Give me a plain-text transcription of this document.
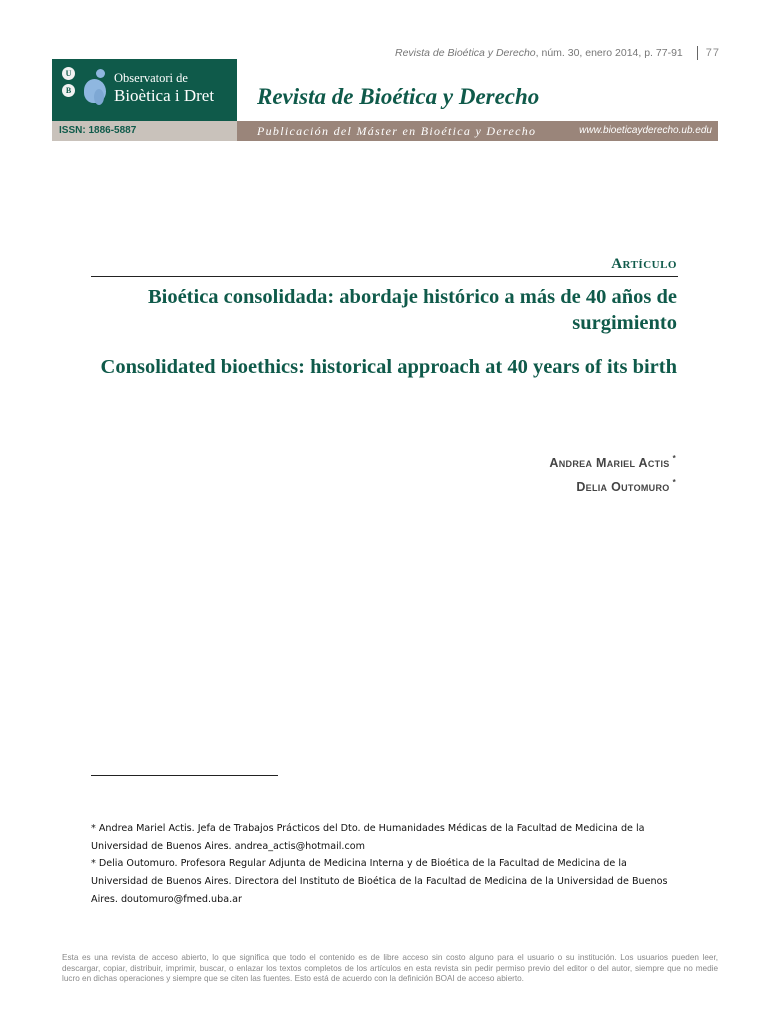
Revista de Bioética y Derecho , núm. 30, enero 2014, p. 77-91 77
U
B
Observatori de
Bioètica i Dret Revista de Bioética y Derecho
ISSN: 1886-5887	Publicación del Máster en Bioética y Derecho	www.bioeticayderecho.ub.edu
Artículo
Bioética consolidada: abordaje histórico a más de 40 años de surgimiento
Consolidated bioethics: historical approach at 40 years of its birth
Andrea Mariel Actis *
Delia Outomuro *
* Andrea Mariel Actis. Jefa de Trabajos Prácticos del Dto. de Humanidades Médicas de la Facultad de Medicina de la Universidad de Buenos Aires. andrea_actis@hotmail.com
* Delia Outomuro. Profesora Regular Adjunta de Medicina Interna y de Bioética de la Facultad de Medicina de la Universidad de Buenos Aires. Directora del Instituto de Bioética de la Facultad de Medicina de la Universidad de Buenos Aires. doutomuro@fmed.uba.ar
Esta es una revista de acceso abierto, lo que significa que todo el contenido es de libre acceso sin costo alguno para el usuario o su institución. Los usuarios pueden leer, descargar, copiar, distribuir, imprimir, buscar, o enlazar los textos completos de los artículos en esta revista sin pedir permiso previo del editor o del autor, siempre que no medie lucro en dichas operaciones y siempre que se citen las fuentes. Esto está de acuerdo con la definición BOAI de acceso abierto.
